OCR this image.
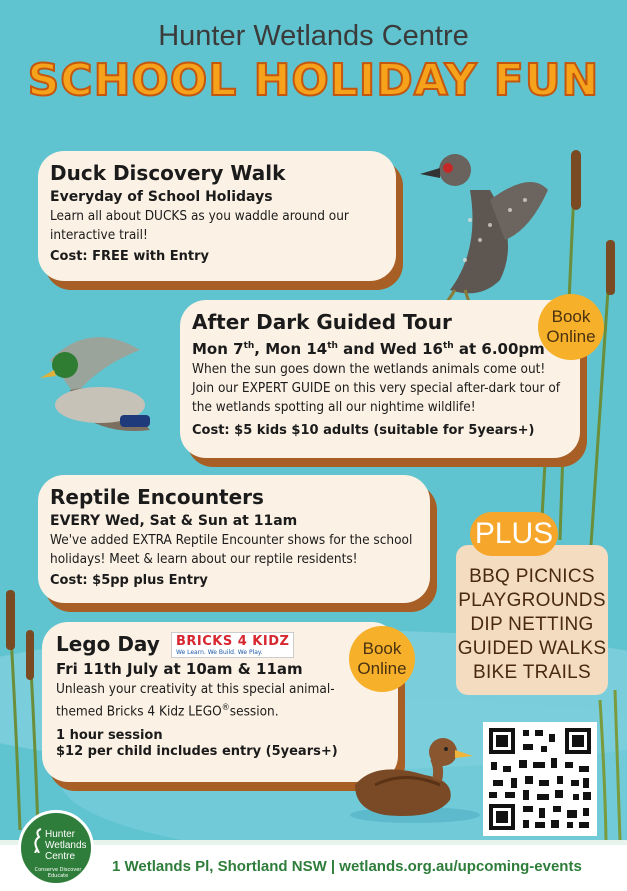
Hunter Wetlands Centre
SCHOOL HOLIDAY FUN
Duck Discovery Walk
Everyday of School Holidays
Learn all about DUCKS as you waddle around our interactive trail!
Cost: FREE with Entry
After Dark Guided Tour
Mon 7th, Mon 14th and Wed 16th at 6.00pm
When the sun goes down the wetlands animals come out! Join our EXPERT GUIDE on this very special after-dark tour of the wetlands spotting all our nightime wildlife!
Cost: $5 kids $10 adults (suitable for 5years+)
Book
Online
Reptile Encounters
EVERY Wed, Sat & Sun at 11am
We've added EXTRA Reptile Encounter shows for the school holidays! Meet & learn about our reptile residents!
Cost: $5pp plus Entry
Lego Day BRICKS 4 KIDZ
We Learn. We Build. We Play.
Fri 11th July at 10am & 11am
Unleash your creativity at this special animal-themed Bricks 4 Kidz LEGO®session.
1 hour session
$12 per child includes entry (5years+)
Book
Online
BBQ PICNICS
PLAYGROUNDS
DIP NETTING
GUIDED WALKS
BIKE TRAILS
PLUS
Hunter Wetlands Centre
Conserve Discover Educate
1 Wetlands Pl, Shortland NSW | wetlands.org.au/upcoming-events
